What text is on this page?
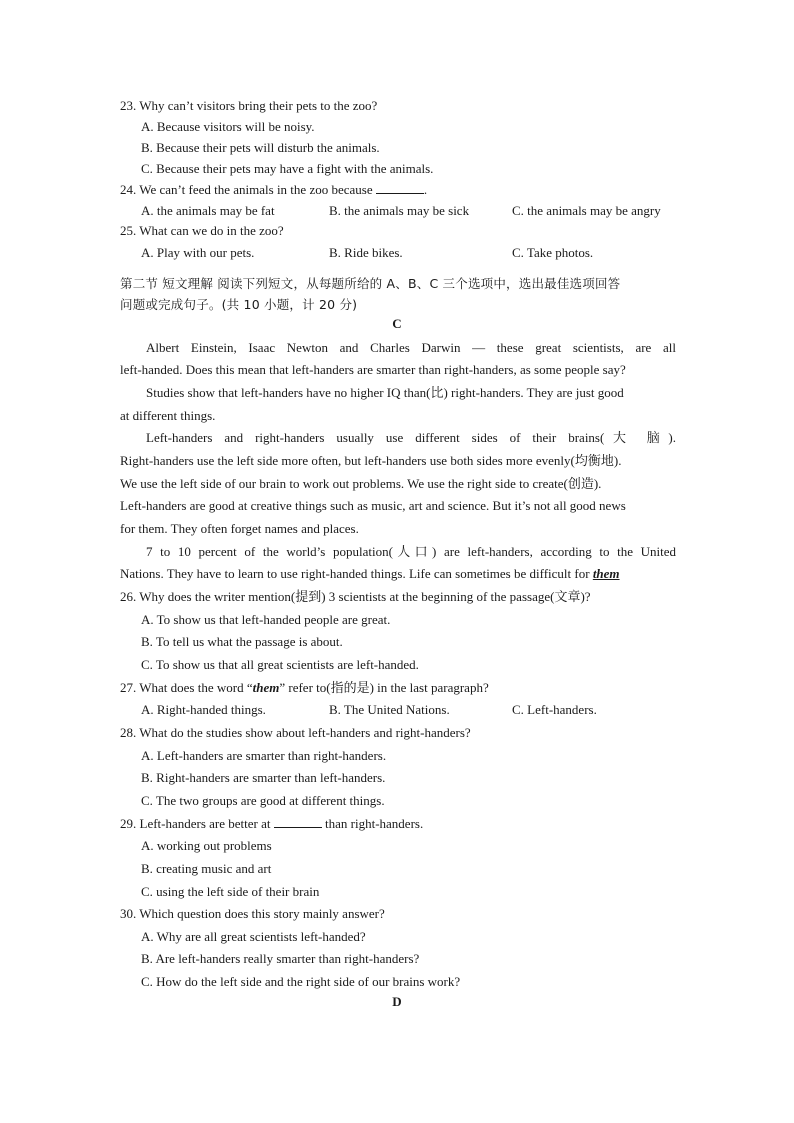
23. Why can’t visitors bring their pets to the zoo?
A. Because visitors will be noisy.
B. Because their pets will disturb the animals.
C. Because their pets may have a fight with the animals.
24. We can’t feed the animals in the zoo because	.
A. the animals may be fat	B. the animals may be sick	C. the animals may be angry
25. What can we do in the zoo?
A. Play with our pets.	B. Ride bikes.	C. Take photos.
第二节 短文理解 阅读下列短文，从每题所给的 A、B、C 三个选项中，选出最佳选项回答
问题或完成句子。(共 10 小题，计 20 分)
C
Albert Einstein, Isaac Newton and Charles Darwin — these great scientists, are all
left-handed. Does this mean that left-handers are smarter than right-handers, as some people say?
Studies show that left-handers have no higher IQ than(比) right-handers. They are just good
at different things.
Left-handers and right-handers usually use different sides of their brains(大 脑).
Right-handers use the left side more often, but left-handers use both sides more evenly(均衡地).
We use the left side of our brain to work out problems. We use the right side to create(创造).
Left-handers are good at creative things such as music, art and science. But it’s not all good news
for them. They often forget names and places.
7 to 10 percent of the world’s population(人口) are left-handers, according to the United
Nations. They have to learn to use right-handed things. Life can sometimes be difficult for them
26. Why does the writer mention(提到) 3 scientists at the beginning of the passage(文章)?
A. To show us that left-handed people are great.
B. To tell us what the passage is about.
C. To show us that all great scientists are left-handed.
27. What does the word “them” refer to(指的是) in the last paragraph?
A. Right-handed things.	B. The United Nations.	C. Left-handers.
28. What do the studies show about left-handers and right-handers?
A. Left-handers are smarter than right-handers.
B. Right-handers are smarter than left-handers.
C. The two groups are good at different things.
29. Left-handers are better at	than right-handers.
A. working out problems
B. creating music and art
C. using the left side of their brain
30. Which question does this story mainly answer?
A. Why are all great scientists left-handed?
B. Are left-handers really smarter than right-handers?
C. How do the left side and the right side of our brains work?
D
